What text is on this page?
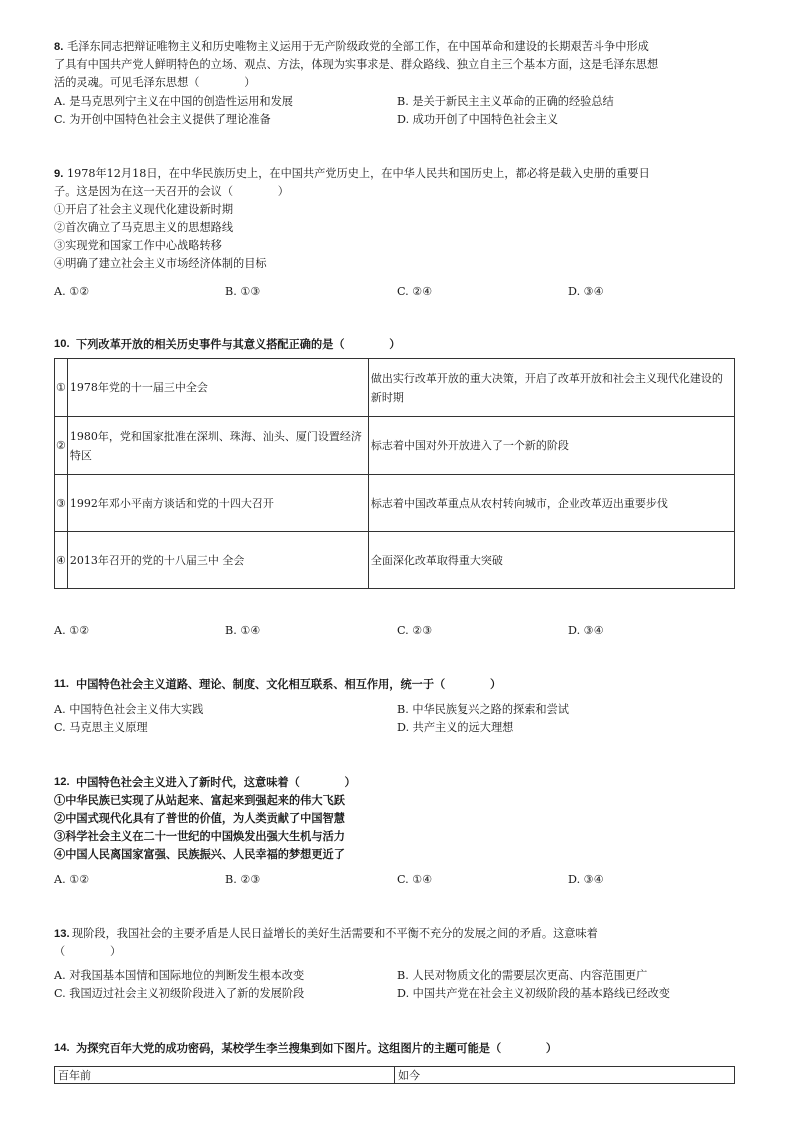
8. 毛泽东同志把辩证唯物主义和历史唯物主义运用于无产阶级政党的全部工作，在中国革命和建设的长期艰苦斗争中形成
了具有中国共产党人鲜明特色的立场、观点、方法，体现为实事求是、群众路线、独立自主三个基本方面，这是毛泽东思想
活的灵魂。可见毛泽东思想（　　　　）
A. 是马克思列宁主义在中国的创造性运用和发展	B. 是关于新民主主义革命的正确的经验总结
C. 为开创中国特色社会主义提供了理论准备	D. 成功开创了中国特色社会主义
9. 1978年12月18日，在中华民族历史上，在中国共产党历史上，在中华人民共和国历史上，都必将是载入史册的重要日
子。这是因为在这一天召开的会议（　　　　）
①开启了社会主义现代化建设新时期
②首次确立了马克思主义的思想路线
③实现党和国家工作中心战略转移
④明确了建立社会主义市场经济体制的目标
A. ①②	B. ①③	C. ②④	D. ③④
10. 下列改革开放的相关历史事件与其意义搭配正确的是（　　　　）
①	1978年党的十一届三中全会	做出实行改革开放的重大决策，开启了改革开放和社会主义现代化建设的新时期
②	1980年，党和国家批准在深圳、珠海、汕头、厦门设置经济特区	标志着中国对外开放进入了一个新的阶段
③	1992年邓小平南方谈话和党的十四大召开	标志着中国改革重点从农村转向城市，企业改革迈出重要步伐
④	2013年召开的党的十八届三中 全会	全面深化改革取得重大突破
A. ①②	B. ①④	C. ②③	D. ③④
11. 中国特色社会主义道路、理论、制度、文化相互联系、相互作用，统一于（　　　　）
A. 中国特色社会主义伟大实践	B. 中华民族复兴之路的探索和尝试
C. 马克思主义原理	D. 共产主义的远大理想
12. 中国特色社会主义进入了新时代，这意味着（　　　　）
①中华民族已实现了从站起来、富起来到强起来的伟大飞跃
②中国式现代化具有了普世的价值，为人类贡献了中国智慧
③科学社会主义在二十一世纪的中国焕发出强大生机与活力
④中国人民离国家富强、民族振兴、人民幸福的梦想更近了
A. ①②	B. ②③	C. ①④	D. ③④
13. 现阶段，我国社会的主要矛盾是人民日益增长的美好生活需要和不平衡不充分的发展之间的矛盾。这意味着
（　　　　）
A. 对我国基本国情和国际地位的判断发生根本改变	B. 人民对物质文化的需要层次更高、内容范围更广
C. 我国迈过社会主义初级阶段进入了新的发展阶段	D. 中国共产党在社会主义初级阶段的基本路线已经改变
14. 为探究百年大党的成功密码，某校学生李兰搜集到如下图片。这组图片的主题可能是（　　　　）
百年前	如今
